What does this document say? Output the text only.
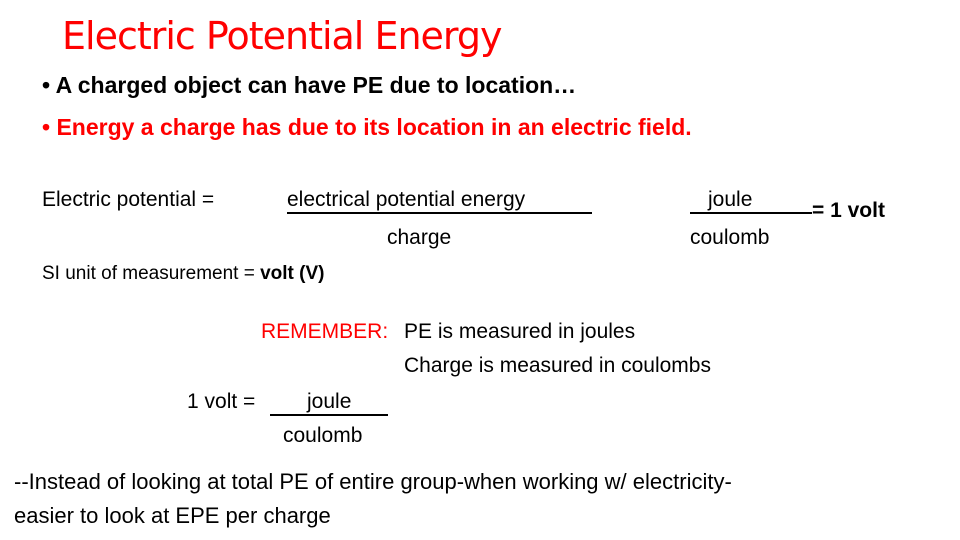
Electric Potential Energy
• A charged object can have PE due to location…
• Energy a charge has due to its location in an electric field.
Electric potential =	electrical potential energy
charge
joule	= 1 volt
coulomb
SI unit of measurement = volt (V)
REMEMBER: PE is measured in joules
Charge is measured in coulombs
1 volt = joule
coulomb
--Instead of looking at total PE of entire group-when working w/ electricity-
easier to look at EPE per charge
